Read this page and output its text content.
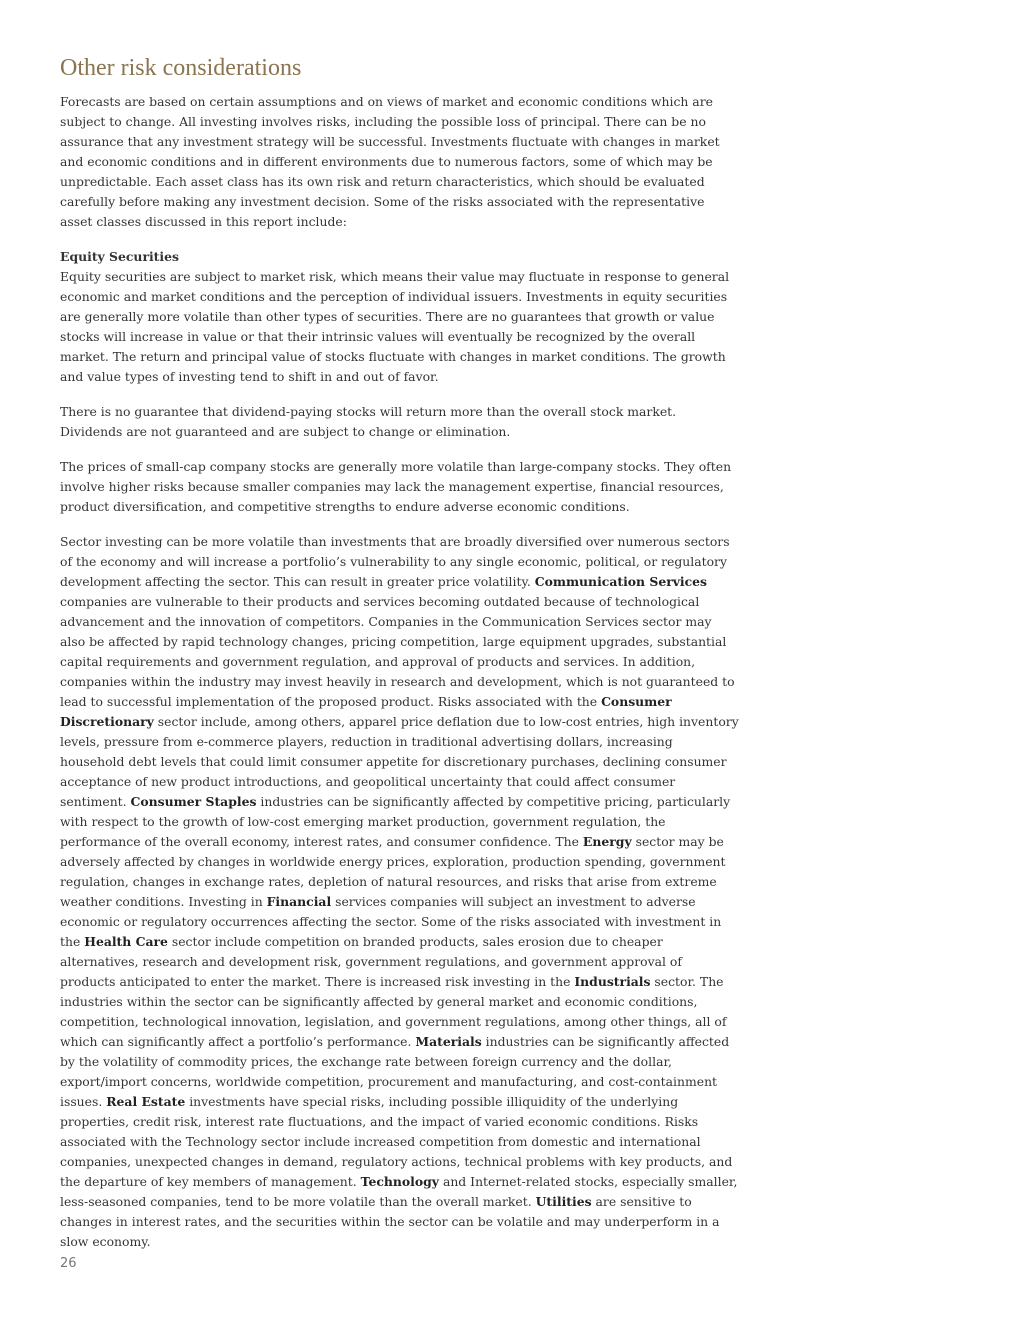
Other risk considerations

Forecasts are based on certain assumptions and on views of market and economic conditions which are subject to change. All investing involves risks, including the possible loss of principal. There can be no assurance that any investment strategy will be successful. Investments fluctuate with changes in market and economic conditions and in different environments due to numerous factors, some of which may be unpredictable. Each asset class has its own risk and return characteristics, which should be evaluated carefully before making any investment decision. Some of the risks associated with the representative asset classes discussed in this report include:

Equity Securities
Equity securities are subject to market risk, which means their value may fluctuate in response to general economic and market conditions and the perception of individual issuers. Investments in equity securities are generally more volatile than other types of securities. There are no guarantees that growth or value stocks will increase in value or that their intrinsic values will eventually be recognized by the overall market. The return and principal value of stocks fluctuate with changes in market conditions. The growth and value types of investing tend to shift in and out of favor.

There is no guarantee that dividend-paying stocks will return more than the overall stock market. Dividends are not guaranteed and are subject to change or elimination.

The prices of small-cap company stocks are generally more volatile than large-company stocks. They often involve higher risks because smaller companies may lack the management expertise, financial resources, product diversification, and competitive strengths to endure adverse economic conditions.

Sector investing can be more volatile than investments that are broadly diversified over numerous sectors of the economy and will increase a portfolio’s vulnerability to any single economic, political, or regulatory development affecting the sector. This can result in greater price volatility. Communication Services companies are vulnerable to their products and services becoming outdated because of technological advancement and the innovation of competitors. Companies in the Communication Services sector may also be affected by rapid technology changes, pricing competition, large equipment upgrades, substantial capital requirements and government regulation, and approval of products and services. In addition, companies within the industry may invest heavily in research and development, which is not guaranteed to lead to successful implementation of the proposed product. Risks associated with the Consumer Discretionary sector include, among others, apparel price deflation due to low-cost entries, high inventory levels, pressure from e-commerce players, reduction in traditional advertising dollars, increasing household debt levels that could limit consumer appetite for discretionary purchases, declining consumer acceptance of new product introductions, and geopolitical uncertainty that could affect consumer sentiment. Consumer Staples industries can be significantly affected by competitive pricing, particularly with respect to the growth of low-cost emerging market production, government regulation, the performance of the overall economy, interest rates, and consumer confidence. The Energy sector may be adversely affected by changes in worldwide energy prices, exploration, production spending, government regulation, changes in exchange rates, depletion of natural resources, and risks that arise from extreme weather conditions. Investing in Financial services companies will subject an investment to adverse economic or regulatory occurrences affecting the sector. Some of the risks associated with investment in the Health Care sector include competition on branded products, sales erosion due to cheaper alternatives, research and development risk, government regulations, and government approval of products anticipated to enter the market. There is increased risk investing in the Industrials sector. The industries within the sector can be significantly affected by general market and economic conditions, competition, technological innovation, legislation, and government regulations, among other things, all of which can significantly affect a portfolio’s performance. Materials industries can be significantly affected by the volatility of commodity prices, the exchange rate between foreign currency and the dollar, export/import concerns, worldwide competition, procurement and manufacturing, and cost-containment issues. Real Estate investments have special risks, including possible illiquidity of the underlying properties, credit risk, interest rate fluctuations, and the impact of varied economic conditions. Risks associated with the Technology sector include increased competition from domestic and international companies, unexpected changes in demand, regulatory actions, technical problems with key products, and the departure of key members of management. Technology and Internet-related stocks, especially smaller, less-seasoned companies, tend to be more volatile than the overall market. Utilities are sensitive to changes in interest rates, and the securities within the sector can be volatile and may underperform in a slow economy.

26
